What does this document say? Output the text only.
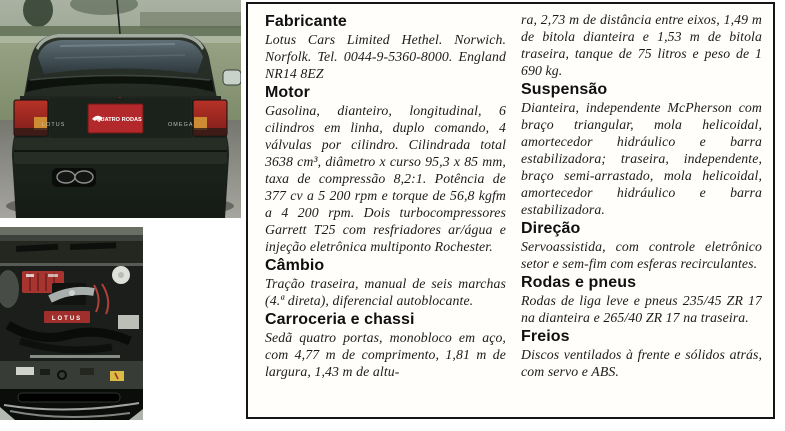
QUATRO RODAS
LOTUS	OMEGA
LOTUS
Fabricante

Lotus Cars Limited Hethel. Norwich. Norfolk. Tel. 0044-9-5360-8000. England NR14 8EZ

Motor

Gasolina, dianteiro, longitudinal, 6 cilindros em linha, duplo comando, 4 válvulas por cilindro. Cilindrada total 3638 cm³, diâmetro x curso 95,3 x 85 mm, taxa de compressão 8,2:1. Potência de 377 cv a 5 200 rpm e torque de 56,8 kgfm a 4 200 rpm. Dois turbocompressores Garrett T25 com resfriadores ar/água e injeção eletrônica multiponto Rochester.

Câmbio

Tração traseira, manual de seis marchas (4.ª direta), diferencial autoblocante.

Carroceria e chassi

Sedã quatro portas, monobloco em aço, com 4,77 m de comprimento, 1,81 m de largura, 1,43 m de altu-

ra, 2,73 m de distância entre eixos, 1,49 m de bitola dianteira e 1,53 m de bitola traseira, tanque de 75 litros e peso de 1 690 kg.

Suspensão

Dianteira, independente McPherson com braço triangular, mola helicoidal, amortecedor hidráulico e barra estabilizadora; traseira, independente, braço semi-arrastado, mola helicoidal, amortecedor hidráulico e barra estabilizadora.

Direção

Servoassistida, com controle eletrônico setor e sem-fim com esferas recirculantes.

Rodas e pneus

Rodas de liga leve e pneus 235/45 ZR 17 na dianteira e 265/40 ZR 17 na traseira.

Freios

Discos ventilados à frente e sólidos atrás, com servo e ABS.
